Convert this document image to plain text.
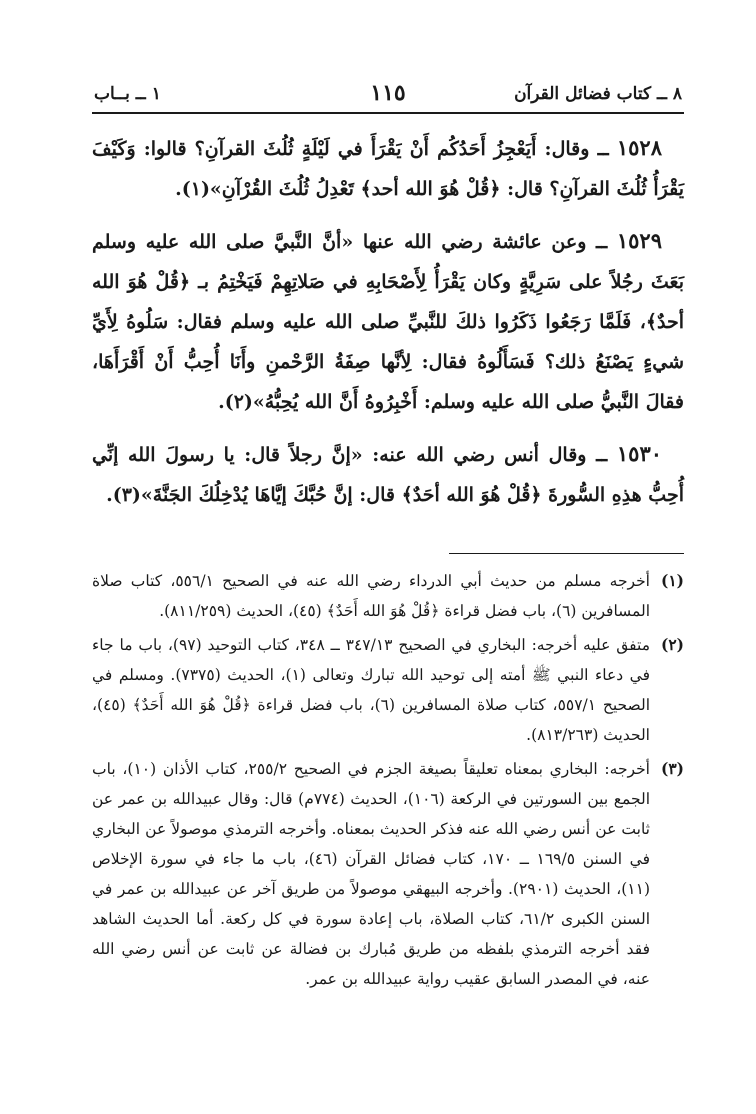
٨ ــ كتاب فضائل القرآن
١١٥
١ ــ بــاب

١٥٢٨ ــ وقال: أَيَعْجِزُ أَحَدُكُم أَنْ يَقْرَأَ في لَيْلَةٍ ثُلُثَ القرآنِ؟ قالوا: وَكَيْفَ يَقْرَأُ ثُلُثَ القرآنِ؟ قال: ﴿قُلْ هُوَ الله أحد﴾ تَعْدِلُ ثُلُثَ القُرْآنِ»(١).

١٥٢٩ ــ وعن عائشة رضي الله عنها «أنَّ النَّبيَّ صلى الله عليه وسلم بَعَثَ رجُلاً على سَرِيَّةٍ وكان يَقْرَأُ لِأَصْحَابِهِ في صَلاتِهِمْ فَيَخْتِمُ بـ ﴿قُلْ هُوَ الله أحدٌ﴾، فَلَمَّا رَجَعُوا ذَكَرُوا ذلكَ للنَّبيِّ صلى الله عليه وسلم فقال: سَلُوهُ لِأَيِّ شيءٍ يَصْنَعُ ذلك؟ فَسَأَلُوهُ فقال: لِأنَّها صِفَةُ الرَّحْمنِ وأَنَا أُحِبُّ أَنْ أَقْرَأَهَا، فقالَ النَّبيُّ صلى الله عليه وسلم: أَخْبِرُوهُ أَنَّ الله يُحِبُّهُ»(٢).

١٥٣٠ ــ وقال أنس رضي الله عنه: «إنَّ رجلاً قال: يا رسولَ الله إنِّي أُحِبُّ هذِهِ السُّورةَ ﴿قُلْ هُوَ الله أحَدٌ﴾ قال: إنَّ حُبَّكَ إيَّاهَا يُدْخِلُكَ الجَنَّةَ»(٣).

(١)
أخرجه مسلم من حديث أبي الدرداء رضي الله عنه في الصحيح ٥٥٦/١، كتاب صلاة المسافرين (٦)، باب فضل قراءة ﴿قُلْ هُوَ الله أَحَدٌ﴾ (٤٥)، الحديث (٨١١/٢٥٩).
(٢)
متفق عليه أخرجه: البخاري في الصحيح ٣٤٧/١٣ ــ ٣٤٨، كتاب التوحيد (٩٧)، باب ما جاء في دعاء النبي ﷺ أمته إلى توحيد الله تبارك وتعالى (١)، الحديث (٧٣٧٥). ومسلم في الصحيح ٥٥٧/١، كتاب صلاة المسافرين (٦)، باب فضل قراءة ﴿قُلْ هُوَ الله أَحَدٌ﴾ (٤٥)، الحديث (٨١٣/٢٦٣).
(٣)
أخرجه: البخاري بمعناه تعليقاً بصيغة الجزم في الصحيح ٢٥٥/٢، كتاب الأذان (١٠)، باب الجمع بين السورتين في الركعة (١٠٦)، الحديث (٧٧٤م) قال: وقال عبيدالله بن عمر عن ثابت عن أنس رضي الله عنه فذكر الحديث بمعناه. وأخرجه الترمذي موصولاً عن البخاري في السنن ١٦٩/٥ ــ ١٧٠، كتاب فضائل القرآن (٤٦)، باب ما جاء في سورة الإخلاص (١١)، الحديث (٢٩٠١). وأخرجه البيهقي موصولاً من طريق آخر عن عبيدالله بن عمر في السنن الكبرى ٦١/٢، كتاب الصلاة، باب إعادة سورة في كل ركعة. أما الحديث الشاهد فقد أخرجه الترمذي بلفظه من طريق مُبارك بن فضالة عن ثابت عن أنس رضي الله عنه، في المصدر السابق عقيب رواية عبيدالله بن عمر.
